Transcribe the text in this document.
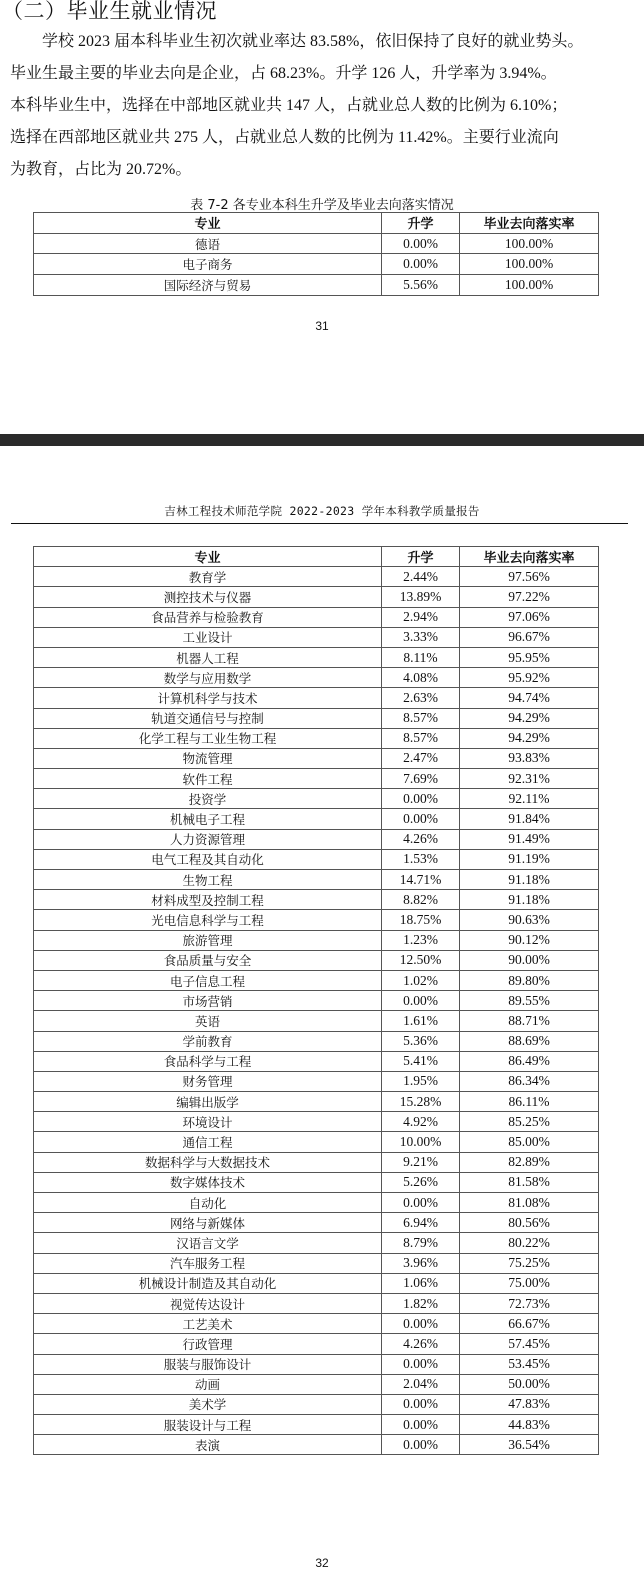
（二）毕业生就业情况

学校 2023 届本科毕业生初次就业率达 83.58%，依旧保持了良好的就业势头。

毕业生最主要的毕业去向是企业，占 68.23%。升学 126 人，升学率为 3.94%。

本科毕业生中，选择在中部地区就业共 147 人，占就业总人数的比例为 6.10%；

选择在西部地区就业共 275 人，占就业总人数的比例为 11.42%。主要行业流向

为教育，占比为 20.72%。

表 7-2 各专业本科生升学及毕业去向落实情况
专业	升学	毕业去向落实率
德语	0.00%	100.00%
电子商务	0.00%	100.00%
国际经济与贸易	5.56%	100.00%
31
吉林工程技术师范学院 2022-2023 学年本科教学质量报告
专业	升学	毕业去向落实率
教育学	2.44%	97.56%
测控技术与仪器	13.89%	97.22%
食品营养与检验教育	2.94%	97.06%
工业设计	3.33%	96.67%
机器人工程	8.11%	95.95%
数学与应用数学	4.08%	95.92%
计算机科学与技术	2.63%	94.74%
轨道交通信号与控制	8.57%	94.29%
化学工程与工业生物工程	8.57%	94.29%
物流管理	2.47%	93.83%
软件工程	7.69%	92.31%
投资学	0.00%	92.11%
机械电子工程	0.00%	91.84%
人力资源管理	4.26%	91.49%
电气工程及其自动化	1.53%	91.19%
生物工程	14.71%	91.18%
材料成型及控制工程	8.82%	91.18%
光电信息科学与工程	18.75%	90.63%
旅游管理	1.23%	90.12%
食品质量与安全	12.50%	90.00%
电子信息工程	1.02%	89.80%
市场营销	0.00%	89.55%
英语	1.61%	88.71%
学前教育	5.36%	88.69%
食品科学与工程	5.41%	86.49%
财务管理	1.95%	86.34%
编辑出版学	15.28%	86.11%
环境设计	4.92%	85.25%
通信工程	10.00%	85.00%
数据科学与大数据技术	9.21%	82.89%
数字媒体技术	5.26%	81.58%
自动化	0.00%	81.08%
网络与新媒体	6.94%	80.56%
汉语言文学	8.79%	80.22%
汽车服务工程	3.96%	75.25%
机械设计制造及其自动化	1.06%	75.00%
视觉传达设计	1.82%	72.73%
工艺美术	0.00%	66.67%
行政管理	4.26%	57.45%
服装与服饰设计	0.00%	53.45%
动画	2.04%	50.00%
美术学	0.00%	47.83%
服装设计与工程	0.00%	44.83%
表演	0.00%	36.54%
32
